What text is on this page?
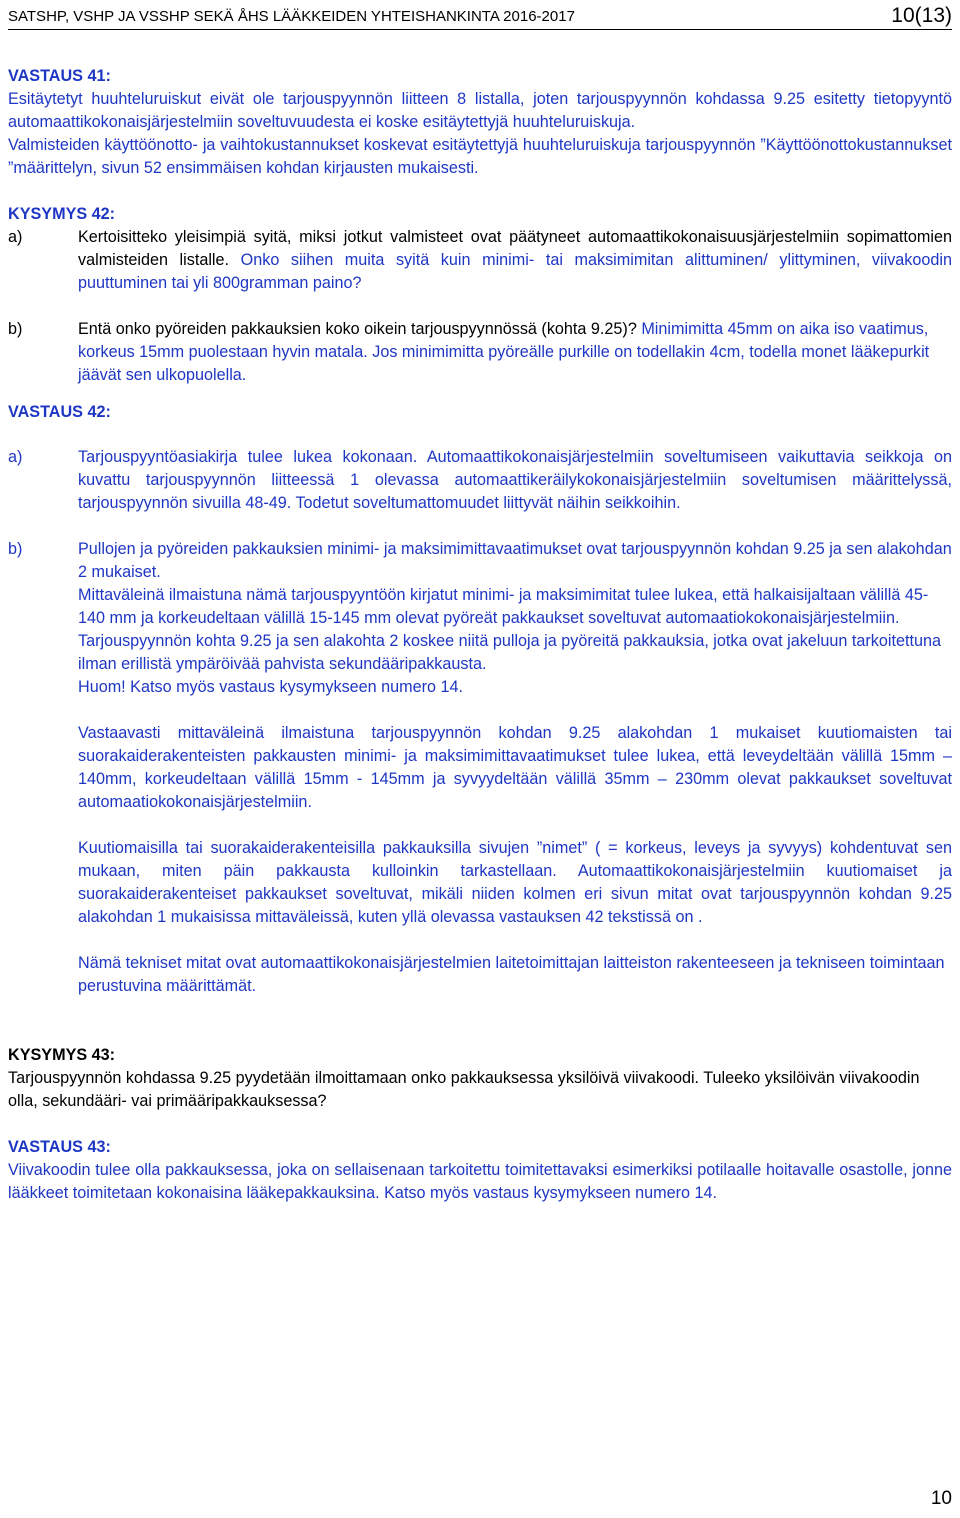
SATSHP, VSHP JA VSSHP SEKÄ ÅHS LÄÄKKEIDEN YHTEISHANKINTA 2016-2017	10(13)
VASTAUS 41:

Esitäytetyt huuhteluruiskut eivät ole tarjouspyynnön liitteen 8 listalla, joten tarjouspyynnön kohdassa 9.25 esitetty tietopyyntö automaattikokonaisjärjestelmiin soveltuvuudesta ei koske esitäytettyjä huuhteluruiskuja.

Valmisteiden käyttöönotto- ja vaihtokustannukset koskevat esitäytettyjä huuhteluruiskuja tarjouspyynnön ”Käyttöönottokustannukset ”määrittelyn, sivun 52 ensimmäisen kohdan kirjausten mukaisesti.

KYSYMYS 42:
a)	Kertoisitteko yleisimpiä syitä, miksi jotkut valmisteet ovat päätyneet automaattikokonaisuusjärjestelmiin sopimattomien valmisteiden listalle. Onko siihen muita syitä kuin minimi- tai maksimimitan alittuminen/ ylittyminen, viivakoodin puuttuminen tai yli 800gramman paino?

b)	Entä onko pyöreiden pakkauksien koko oikein tarjouspyynnössä (kohta 9.25)? Minimimitta 45mm on aika iso vaatimus, korkeus 15mm puolestaan hyvin matala. Jos minimimitta pyöreälle purkille on todellakin 4cm, todella monet lääkepurkit jäävät sen ulkopuolella.

VASTAUS 42:
a)	Tarjouspyyntöasiakirja tulee lukea kokonaan. Automaattikokonaisjärjestelmiin soveltumiseen vaikuttavia seikkoja on kuvattu tarjouspyynnön liitteessä 1 olevassa automaattikeräilykokonaisjärjestelmiin soveltumisen määrittelyssä, tarjouspyynnön sivuilla 48-49. Todetut soveltumattomuudet liittyvät näihin seikkoihin.

b)	Pullojen ja pyöreiden pakkauksien minimi- ja maksimimittavaatimukset ovat tarjouspyynnön kohdan 9.25 ja sen alakohdan 2 mukaiset.

Mittaväleinä ilmaistuna nämä tarjouspyyntöön kirjatut minimi- ja maksimimitat tulee lukea, että halkaisijaltaan välillä 45-140 mm ja korkeudeltaan välillä 15-145 mm olevat pyöreät pakkaukset soveltuvat automaatiokokonaisjärjestelmiin.

Tarjouspyynnön kohta 9.25 ja sen alakohta 2 koskee niitä pulloja ja pyöreitä pakkauksia, jotka ovat jakeluun tarkoitettuna ilman erillistä ympäröivää pahvista sekundääripakkausta.

Huom! Katso myös vastaus kysymykseen numero 14.

Vastaavasti mittaväleinä ilmaistuna tarjouspyynnön kohdan 9.25 alakohdan 1 mukaiset kuutiomaisten tai suorakaiderakenteisten pakkausten minimi- ja maksimimittavaatimukset tulee lukea, että leveydeltään välillä 15mm – 140mm, korkeudeltaan välillä 15mm - 145mm ja syvyydeltään välillä 35mm – 230mm olevat pakkaukset soveltuvat automaatiokokonaisjärjestelmiin.

Kuutiomaisilla tai suorakaiderakenteisilla pakkauksilla sivujen ”nimet” ( = korkeus, leveys ja syvyys) kohdentuvat sen mukaan, miten päin pakkausta kulloinkin tarkastellaan. Automaattikokonaisjärjestelmiin kuutiomaiset ja suorakaiderakenteiset pakkaukset soveltuvat, mikäli niiden kolmen eri sivun mitat ovat tarjouspyynnön kohdan 9.25 alakohdan 1 mukaisissa mittaväleissä, kuten yllä olevassa vastauksen 42 tekstissä on .

Nämä tekniset mitat ovat automaattikokonaisjärjestelmien laitetoimittajan laitteiston rakenteeseen ja tekniseen toimintaan perustuvina määrittämät.

KYSYMYS 43:

Tarjouspyynnön kohdassa 9.25 pyydetään ilmoittamaan onko pakkauksessa yksilöivä viivakoodi. Tuleeko yksilöivän viivakoodin olla, sekundääri- vai primääripakkauksessa?

VASTAUS 43:

Viivakoodin tulee olla pakkauksessa, joka on sellaisenaan tarkoitettu toimitettavaksi esimerkiksi potilaalle hoitavalle osastolle, jonne lääkkeet toimitetaan kokonaisina lääkepakkauksina. Katso myös vastaus kysymykseen numero 14.

10
